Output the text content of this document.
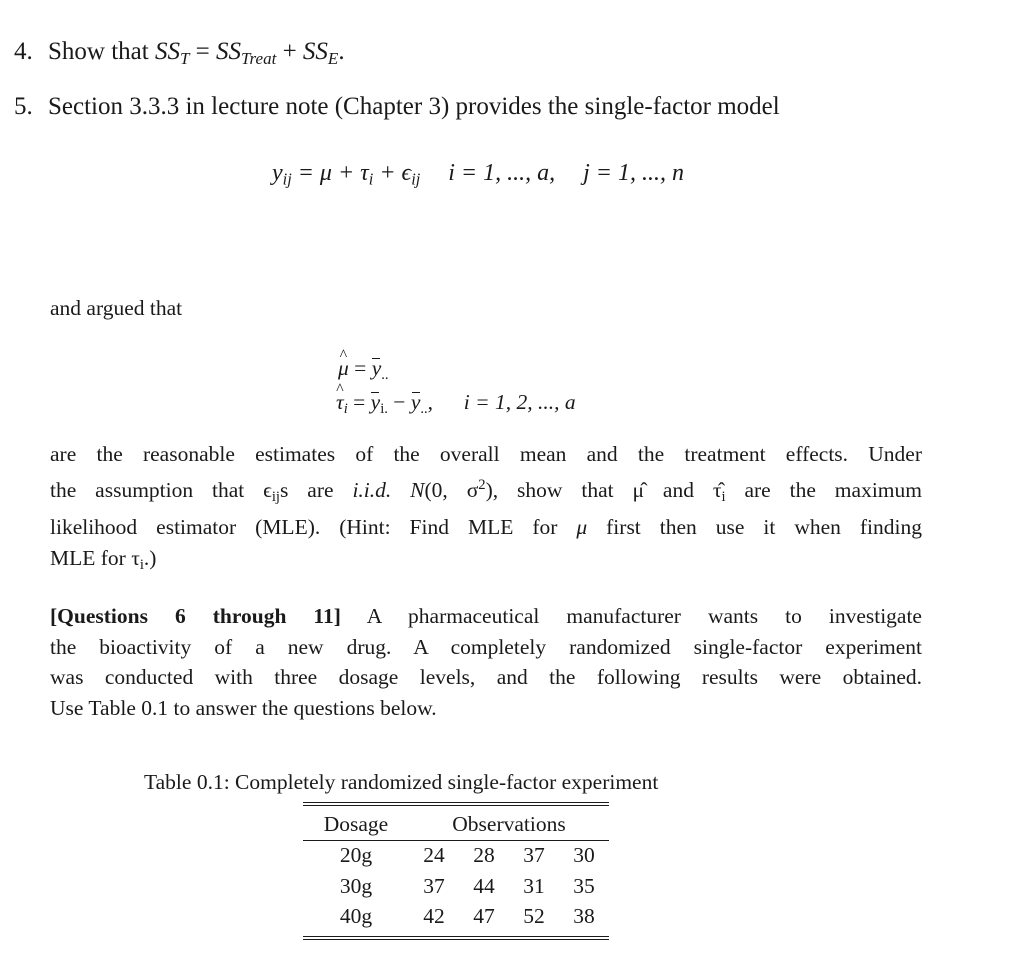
4. Show that $SS_T = SS_{Treat} + SS_E$.
5. Section 3.3.3 in lecture note (Chapter 3) provides the single-factor model
$y_{ij} = \mu + \tau_i + \epsilon_{ij}$ i = 1, ..., a, j = 1, ..., n
and argued that
μ ^ = $y_{..}$
τ $\^{}_i = y_{i.} - y_{..}$, i = 1, 2, ..., a
are the reasonable estimates of the overall mean and the treatment effects. Under
the assumption that $\epsilon_{ij}s$ are i.i.d. N(0, $\sigma^2$), show that μ̂ and $\taû_i$ are the maximum
likelihood estimator (MLE). (Hint: Find MLE for μ first then use it when finding
MLE for $\tau_i$.)
[Questions 6 through 11] A pharmaceutical manufacturer wants to investigate
the bioactivity of a new drug. A completely randomized single-factor experiment
was conducted with three dosage levels, and the following results were obtained.
Use Table 0.1 to answer the questions below.
Table 0.1: Completely randomized single-factor experiment
Dosage	Observations			
20g	24	28	37	30
30g	37	44	31	35
40g	42	47	52	38
